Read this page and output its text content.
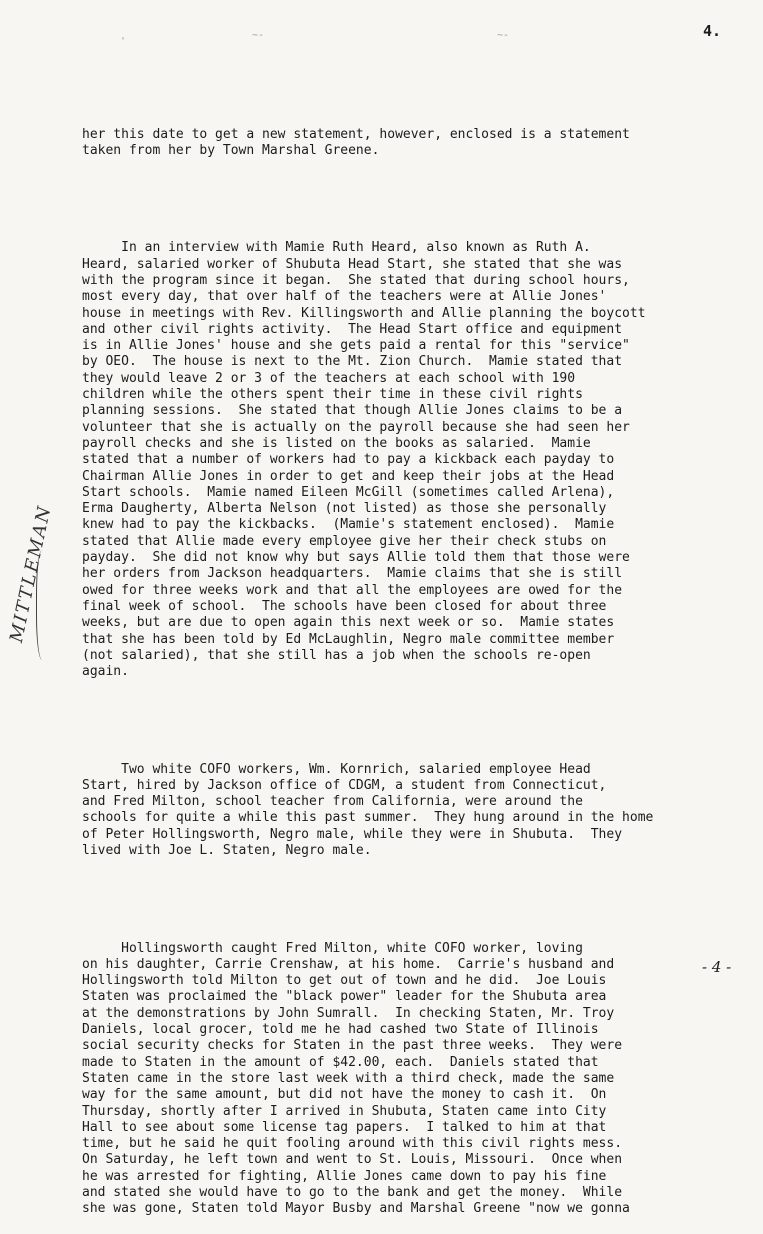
'
~-	~-	4.
MITTLEMAN

her this date to get a new statement, however, enclosed is a statement
taken from her by Town Marshal Greene.

In an interview with Mamie Ruth Heard, also known as Ruth A.
Heard, salaried worker of Shubuta Head Start, she stated that she was
with the program since it began.  She stated that during school hours,
most every day, that over half of the teachers were at Allie Jones'
house in meetings with Rev. Killingsworth and Allie planning the boycott
and other civil rights activity.  The Head Start office and equipment
is in Allie Jones' house and she gets paid a rental for this "service"
by OEO.  The house is next to the Mt. Zion Church.  Mamie stated that
they would leave 2 or 3 of the teachers at each school with 190
children while the others spent their time in these civil rights
planning sessions.  She stated that though Allie Jones claims to be a
volunteer that she is actually on the payroll because she had seen her
payroll checks and she is listed on the books as salaried.  Mamie
stated that a number of workers had to pay a kickback each payday to
Chairman Allie Jones in order to get and keep their jobs at the Head
Start schools.  Mamie named Eileen McGill (sometimes called Arlena),
Erma Daugherty, Alberta Nelson (not listed) as those she personally
knew had to pay the kickbacks.  (Mamie's statement enclosed).  Mamie
stated that Allie made every employee give her their check stubs on
payday.  She did not know why but says Allie told them that those were
her orders from Jackson headquarters.  Mamie claims that she is still
owed for three weeks work and that all the employees are owed for the
final week of school.  The schools have been closed for about three
weeks, but are due to open again this next week or so.  Mamie states
that she has been told by Ed McLaughlin, Negro male committee member
(not salaried), that she still has a job when the schools re-open
again.

Two white COFO workers, Wm. Kornrich, salaried employee Head
Start, hired by Jackson office of CDGM, a student from Connecticut,
and Fred Milton, school teacher from California, were around the
schools for quite a while this past summer.  They hung around in the home
of Peter Hollingsworth, Negro male, while they were in Shubuta.  They
lived with Joe L. Staten, Negro male.

Hollingsworth caught Fred Milton, white COFO worker, loving
on his daughter, Carrie Crenshaw, at his home.  Carrie's husband and
Hollingsworth told Milton to get out of town and he did.  Joe Louis
Staten was proclaimed the "black power" leader for the Shubuta area
at the demonstrations by John Sumrall.  In checking Staten, Mr. Troy
Daniels, local grocer, told me he had cashed two State of Illinois
social security checks for Staten in the past three weeks.  They were
made to Staten in the amount of $42.00, each.  Daniels stated that
Staten came in the store last week with a third check, made the same
way for the same amount, but did not have the money to cash it.  On
Thursday, shortly after I arrived in Shubuta, Staten came into City
Hall to see about some license tag papers.  I talked to him at that
time, but he said he quit fooling around with this civil rights mess.
On Saturday, he left town and went to St. Louis, Missouri.  Once when
he was arrested for fighting, Allie Jones came down to pay his fine
and stated she would have to go to the bank and get the money.  While
she was gone, Staten told Mayor Busby and Marshal Greene "now we gonna

- 4 -
